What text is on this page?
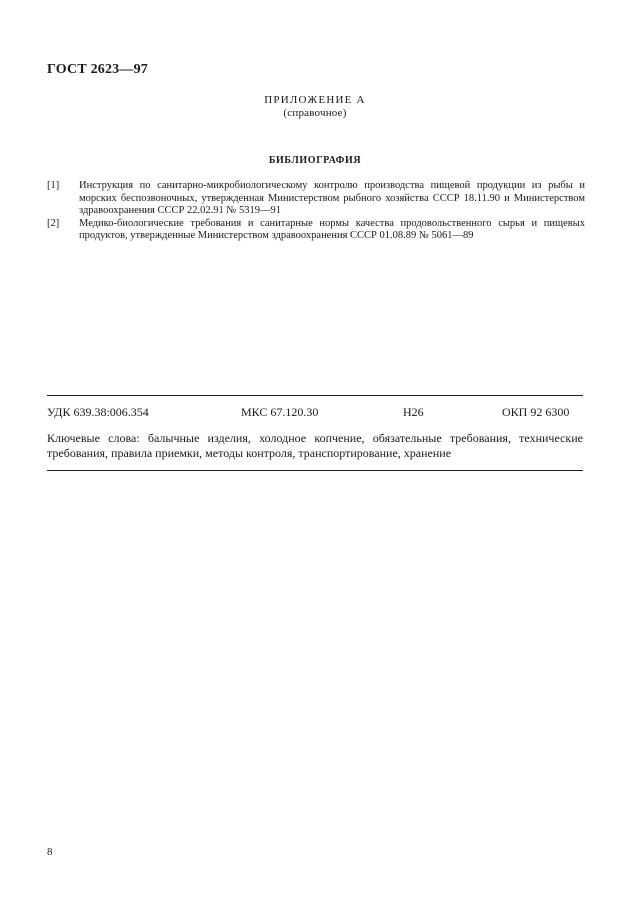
ГОСТ 2623—97
ПРИЛОЖЕНИЕ А
(справочное)
БИБЛИОГРАФИЯ
[1]	Инструкция по санитарно-микробиологическому контролю производства пищевой продукции из рыбы и морских беспозвоночных, утвержденная Министерством рыбного хозяйства СССР 18.11.90 и Министерством здравоохранения СССР 22.02.91 № 5319—91
[2]	Медико-биологические требования и санитарные нормы качества продовольственного сырья и пищевых продуктов, утвержденные Министерством здравоохранения СССР 01.08.89 № 5061—89
УДК 639.38:006.354	МКС 67.120.30	Н26	ОКП 92 6300
Ключевые слова: балычные изделия, холодное копчение, обязательные требования, технические требования, правила приемки, методы контроля, транспортирование, хранение
8
